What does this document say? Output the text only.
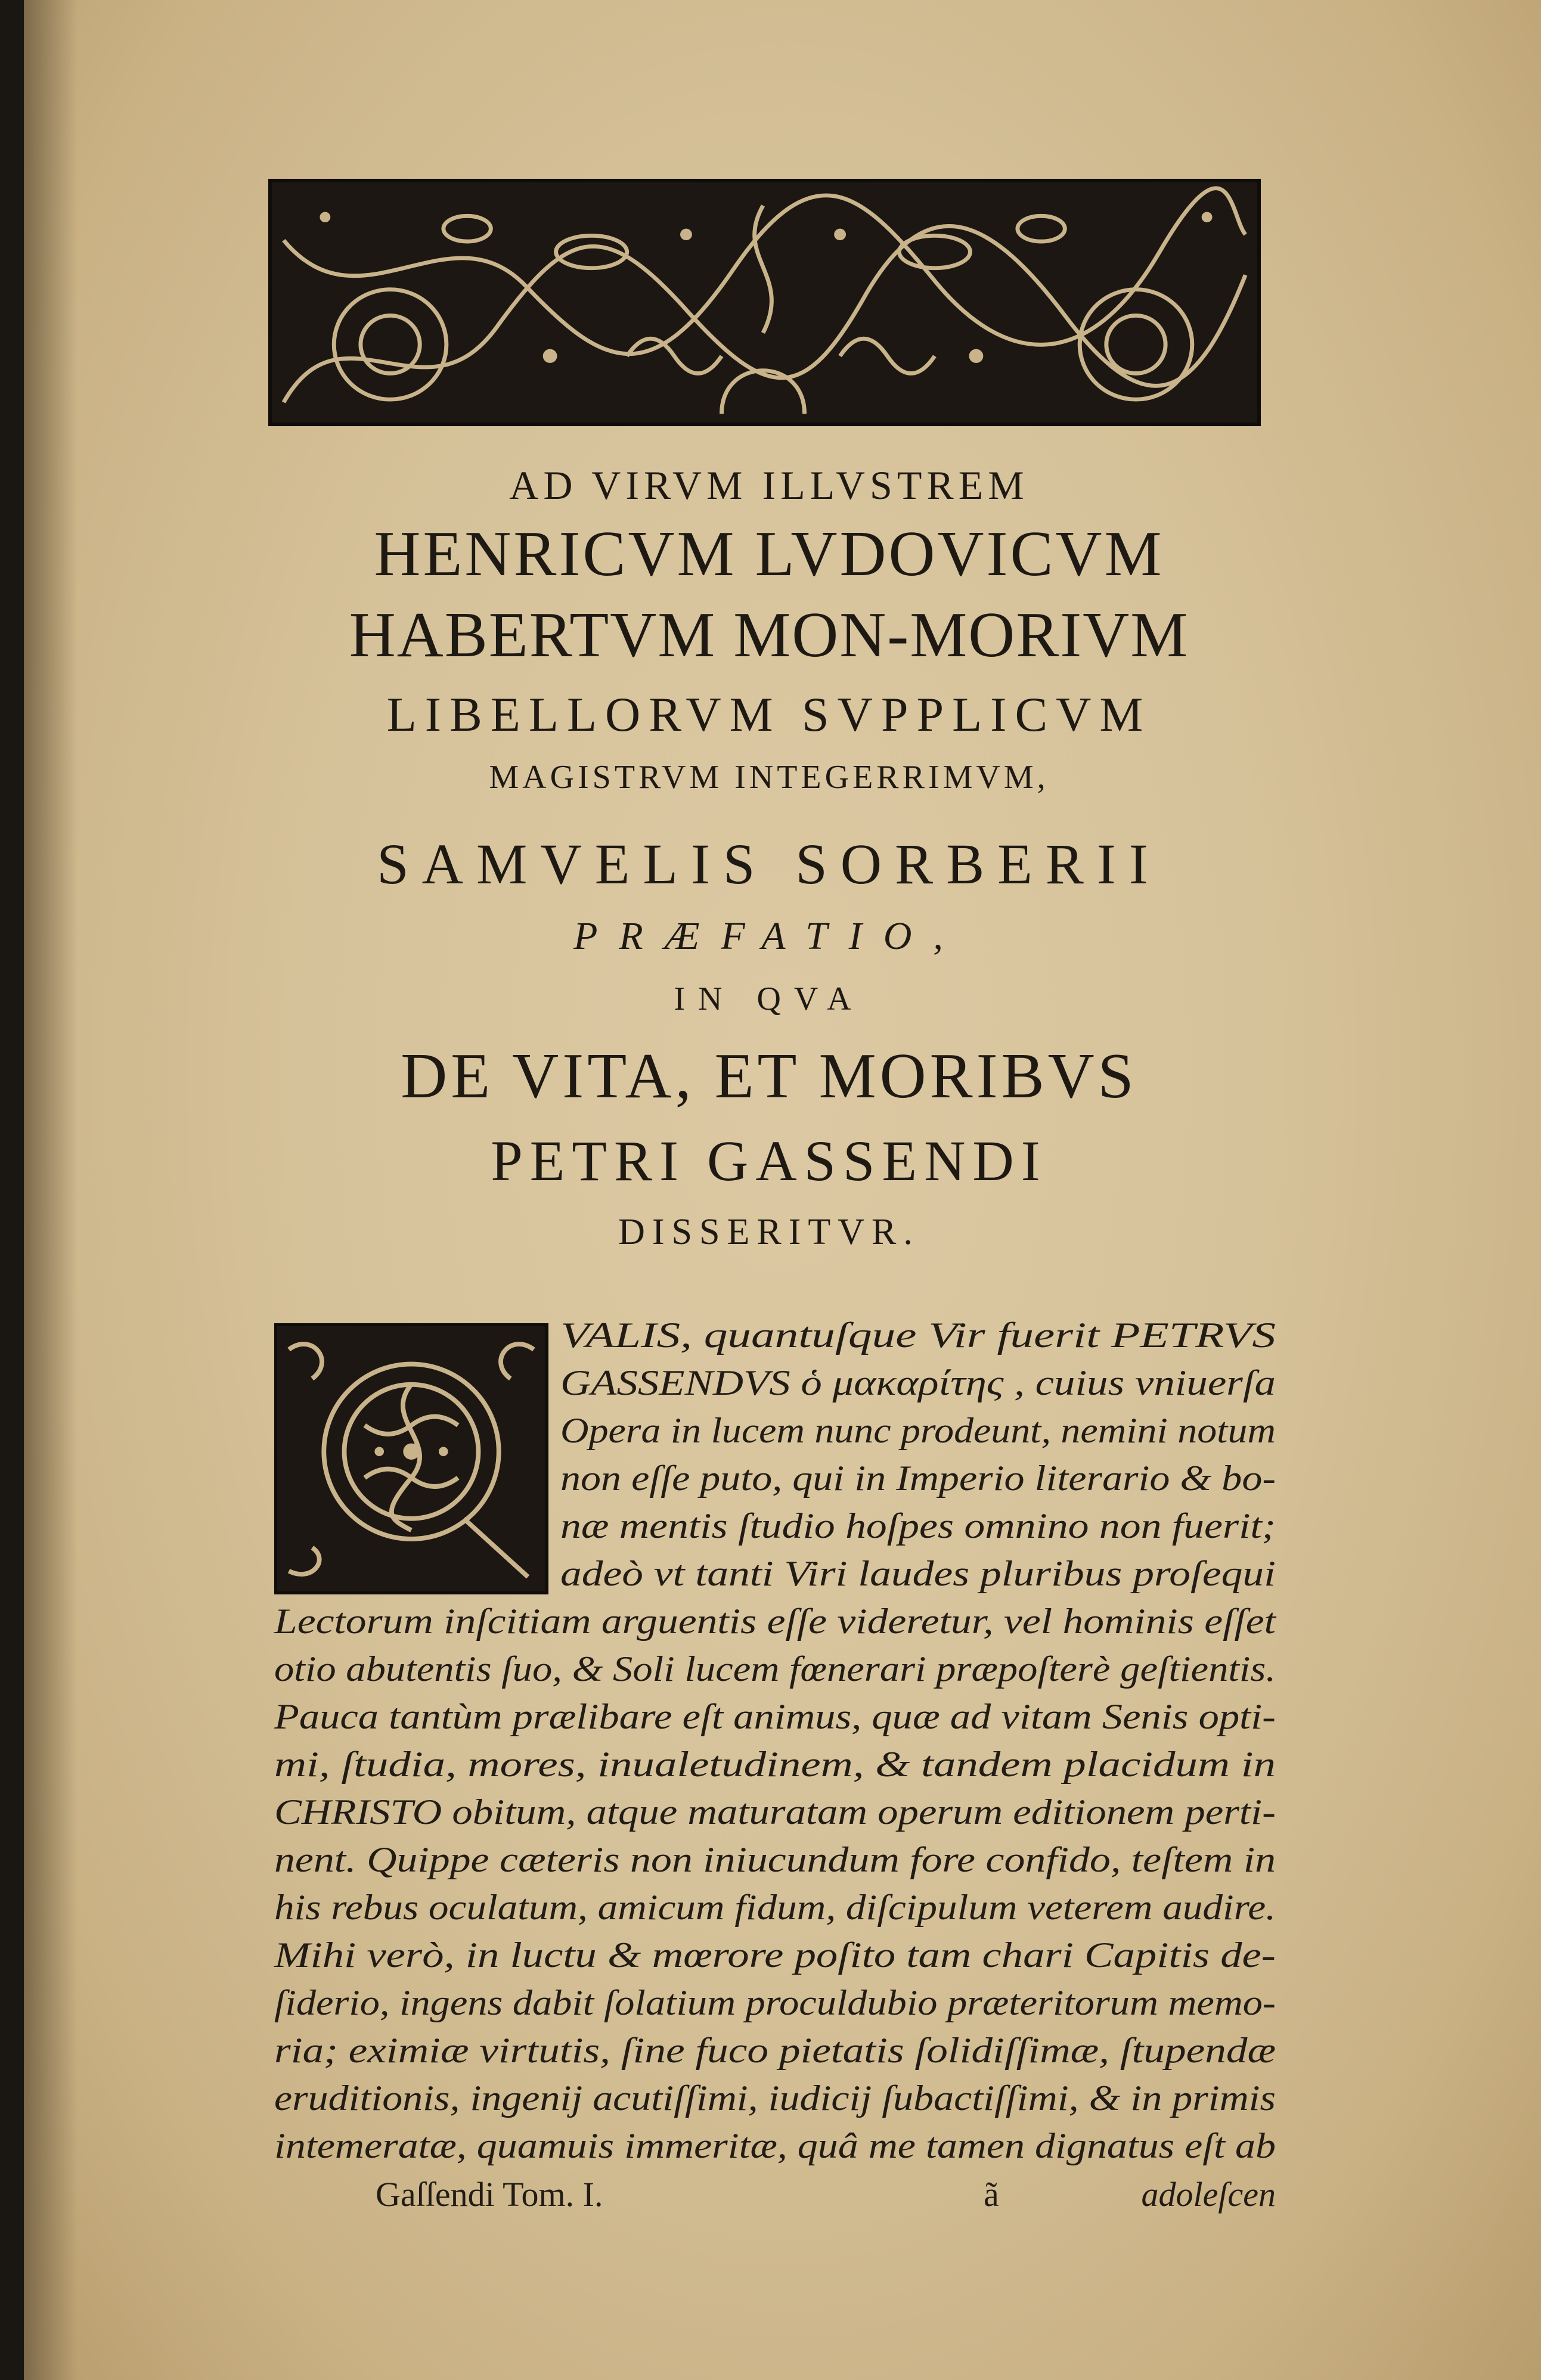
AD VIRVM ILLVSTREM
HENRICVM LVDOVICVM
HABERTVM MON-MORIVM
LIBELLORVM SVPPLICVM
MAGISTRVM INTEGERRIMVM,
SAMVELIS SORBERII
PRÆFATIO,
IN QVA
DE VITA, ET MORIBVS
PETRI GASSENDI
DISSERITVR.
VALIS, quantuſque Vir fuerit PETRVS
GASSENDVS ὁ μακαρίτης , cuius vniuerſa
Opera in lucem nunc prodeunt, nemini notum
non eſſe puto, qui in Imperio literario & bo-
næ mentis ſtudio hoſpes omnino non fuerit;
adeò vt tanti Viri laudes pluribus proſequi
Lectorum inſcitiam arguentis eſſe videretur, vel hominis eſſet
otio abutentis ſuo, & Soli lucem fœnerari præpoſterè geſtientis.
Pauca tantùm prælibare eſt animus, quæ ad vitam Senis opti-
mi, ſtudia, mores, inualetudinem, & tandem placidum in
CHRISTO obitum, atque maturatam operum editionem perti-
nent. Quippe cæteris non iniucundum fore confido, teſtem in
his rebus oculatum, amicum fidum, diſcipulum veterem audire.
Mihi verò, in luctu & mœrore poſito tam chari Capitis de-
ſiderio, ingens dabit ſolatium proculdubio præteritorum memo-
ria; eximiæ virtutis, ſine fuco pietatis ſolidiſſimæ, ſtupendæ
eruditionis, ingenij acutiſſimi, iudicij ſubactiſſimi, & in primis
intemeratæ, quamuis immeritæ, quâ me tamen dignatus eſt ab
Gaſſendi Tom. I.	ã	adoleſcen
